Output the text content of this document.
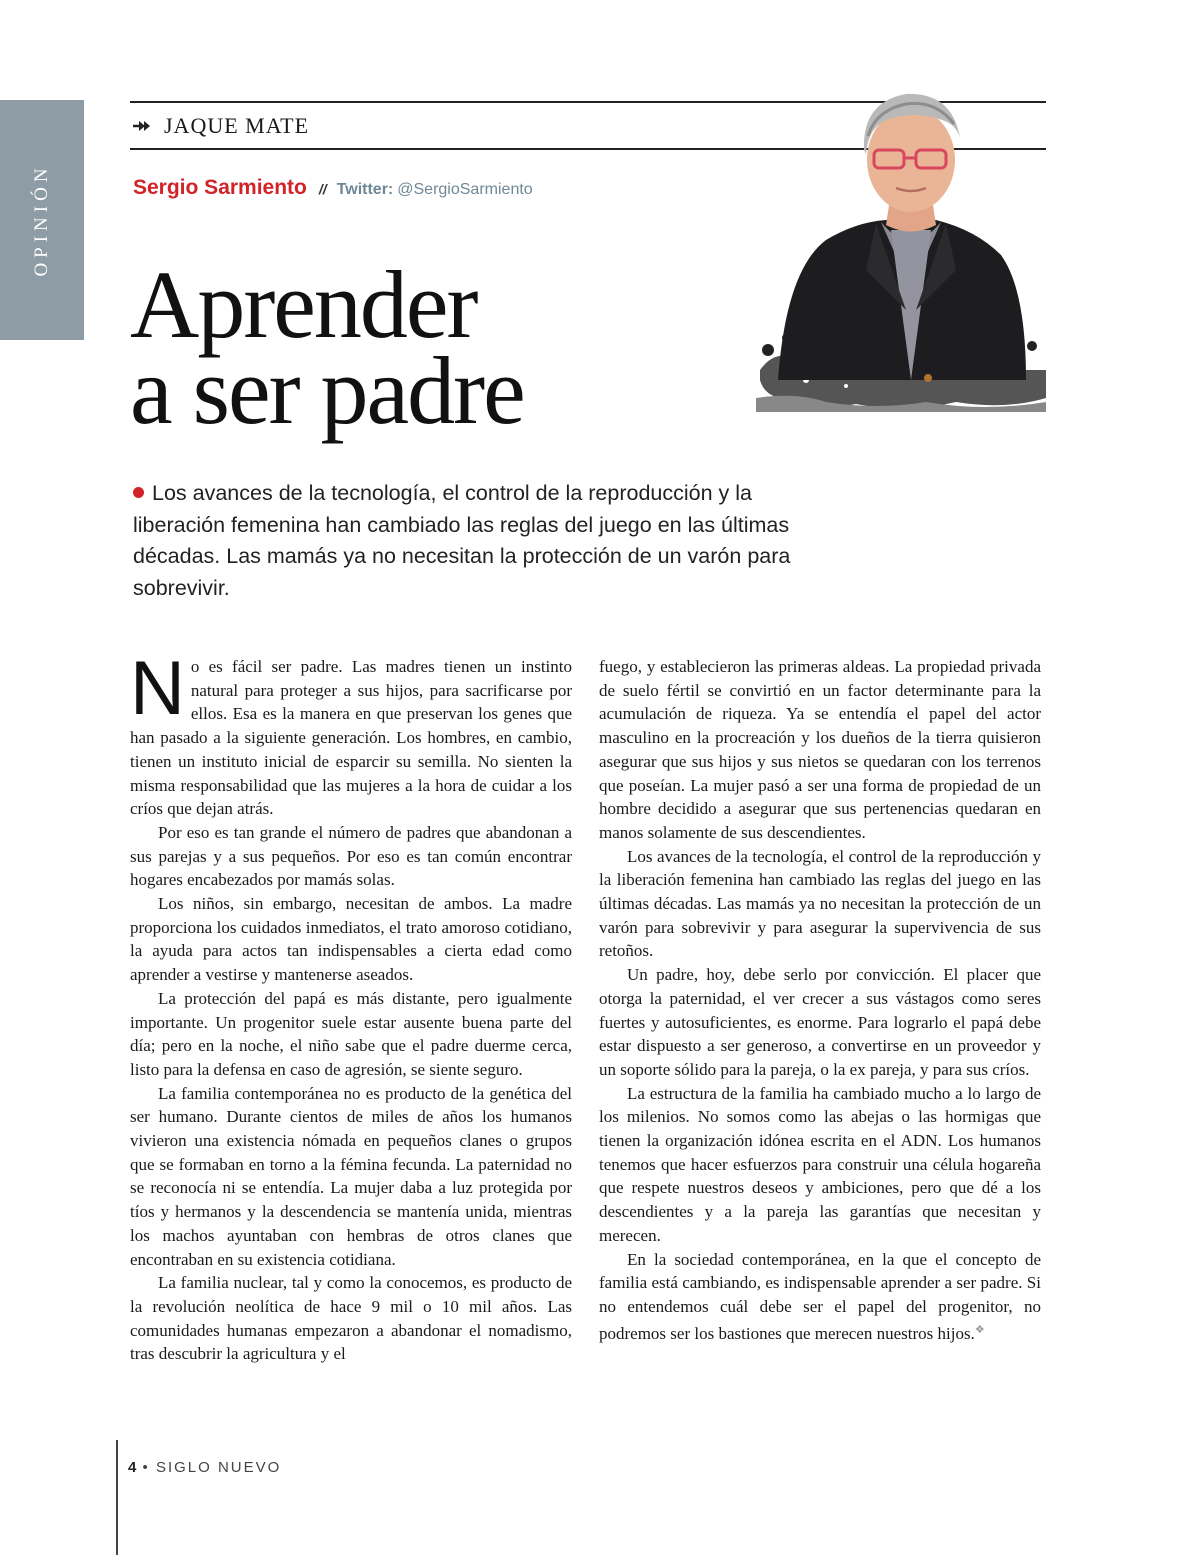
OPINIÓN
JAQUE MATE
Sergio Sarmiento // Twitter: @SergioSarmiento
Aprender
a ser padre
Los avances de la tecnología, el control de la reproducción y la liberación femenina han cambiado las reglas del juego en las últimas décadas. Las mamás ya no necesitan la protección de un varón para sobrevivir.

No es fácil ser padre. Las madres tienen un instinto natural para proteger a sus hijos, para sacrificarse por ellos. Esa es la manera en que preservan los genes que han pasado a la siguiente generación. Los hombres, en cambio, tienen un instituto inicial de esparcir su semilla. No sienten la misma responsabilidad que las mujeres a la hora de cuidar a los críos que dejan atrás.

Por eso es tan grande el número de padres que abandonan a sus parejas y a sus pequeños. Por eso es tan común encontrar hogares encabezados por mamás solas.

Los niños, sin embargo, necesitan de ambos. La madre proporciona los cuidados inmediatos, el trato amoroso cotidiano, la ayuda para actos tan indispensables a cierta edad como aprender a vestirse y mantenerse aseados.

La protección del papá es más distante, pero igualmente importante. Un progenitor suele estar ausente buena parte del día; pero en la noche, el niño sabe que el padre duerme cerca, listo para la defensa en caso de agresión, se siente seguro.

La familia contemporánea no es producto de la genética del ser humano. Durante cientos de miles de años los humanos vivieron una existencia nómada en pequeños clanes o grupos que se formaban en torno a la fémina fecunda. La paternidad no se reconocía ni se entendía. La mujer daba a luz protegida por tíos y hermanos y la descendencia se mantenía unida, mientras los machos ayuntaban con hembras de otros clanes que encontraban en su existencia cotidiana.

La familia nuclear, tal y como la conocemos, es producto de la revolución neolítica de hace 9 mil o 10 mil años. Las comunidades humanas empezaron a abandonar el nomadismo, tras descubrir la agricultura y el

fuego, y establecieron las primeras aldeas. La propiedad privada de suelo fértil se convirtió en un factor determinante para la acumulación de riqueza. Ya se entendía el papel del actor masculino en la procreación y los dueños de la tierra quisieron asegurar que sus hijos y sus nietos se quedaran con los terrenos que poseían. La mujer pasó a ser una forma de propiedad de un hombre decidido a asegurar que sus pertenencias quedaran en manos solamente de sus descendientes.

Los avances de la tecnología, el control de la reproducción y la liberación femenina han cambiado las reglas del juego en las últimas décadas. Las mamás ya no necesitan la protección de un varón para sobrevivir y para asegurar la supervivencia de sus retoños.

Un padre, hoy, debe serlo por convicción. El placer que otorga la paternidad, el ver crecer a sus vástagos como seres fuertes y autosuficientes, es enorme. Para lograrlo el papá debe estar dispuesto a ser generoso, a convertirse en un proveedor y un soporte sólido para la pareja, o la ex pareja, y para sus críos.

La estructura de la familia ha cambiado mucho a lo largo de los milenios. No somos como las abejas o las hormigas que tienen la organización idónea escrita en el ADN. Los humanos tenemos que hacer esfuerzos para construir una célula hogareña que respete nuestros deseos y ambiciones, pero que dé a los descendientes y a la pareja las garantías que necesitan y merecen.

En la sociedad contemporánea, en la que el concepto de familia está cambiando, es indispensable aprender a ser padre. Si no entendemos cuál debe ser el papel del progenitor, no podremos ser los bastiones que merecen nuestros hijos.❖

4 • SIGLO NUEVO
